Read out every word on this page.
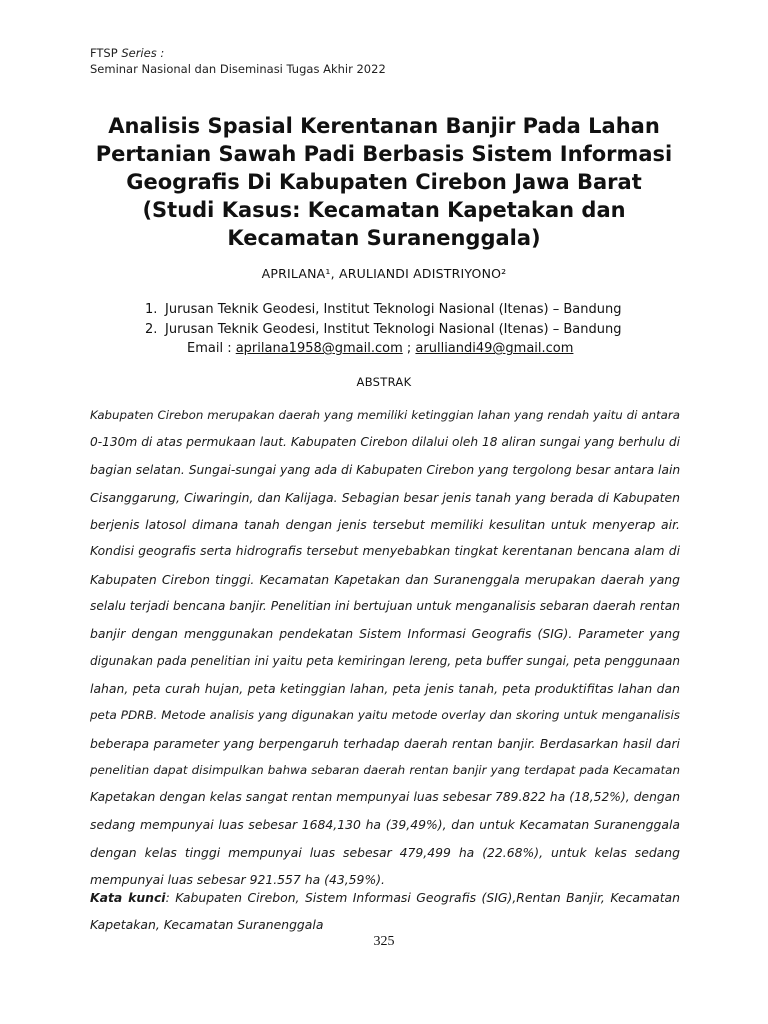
FTSP Series :
Seminar Nasional dan Diseminasi Tugas Akhir 2022
Analisis Spasial Kerentanan Banjir Pada Lahan
Pertanian Sawah Padi Berbasis Sistem Informasi
Geografis Di Kabupaten Cirebon Jawa Barat
(Studi Kasus: Kecamatan Kapetakan dan
Kecamatan Suranenggala)
APRILANA¹, ARULIANDI ADISTRIYONO²
1. Jurusan Teknik Geodesi, Institut Teknologi Nasional (Itenas) – Bandung
2. Jurusan Teknik Geodesi, Institut Teknologi Nasional (Itenas) – Bandung
Email : aprilana1958@gmail.com ; arulliandi49@gmail.com
ABSTRAK
Kabupaten Cirebon merupakan daerah yang memiliki ketinggian lahan yang rendah yaitu di antara
0-130m di atas permukaan laut. Kabupaten Cirebon dilalui oleh 18 aliran sungai yang berhulu di
bagian selatan. Sungai-sungai yang ada di Kabupaten Cirebon yang tergolong besar antara lain
Cisanggarung, Ciwaringin, dan Kalijaga. Sebagian besar jenis tanah yang berada di Kabupaten
berjenis latosol dimana tanah dengan jenis tersebut memiliki kesulitan untuk menyerap air.
Kondisi geografis serta hidrografis tersebut menyebabkan tingkat kerentanan bencana alam di
Kabupaten Cirebon tinggi. Kecamatan Kapetakan dan Suranenggala merupakan daerah yang
selalu terjadi bencana banjir. Penelitian ini bertujuan untuk menganalisis sebaran daerah rentan
banjir dengan menggunakan pendekatan Sistem Informasi Geografis (SIG). Parameter yang
digunakan pada penelitian ini yaitu peta kemiringan lereng, peta buffer sungai, peta penggunaan
lahan, peta curah hujan, peta ketinggian lahan, peta jenis tanah, peta produktifitas lahan dan
peta PDRB. Metode analisis yang digunakan yaitu metode overlay dan skoring untuk menganalisis
beberapa parameter yang berpengaruh terhadap daerah rentan banjir. Berdasarkan hasil dari
penelitian dapat disimpulkan bahwa sebaran daerah rentan banjir yang terdapat pada Kecamatan
Kapetakan dengan kelas sangat rentan mempunyai luas sebesar 789.822 ha (18,52%), dengan
sedang mempunyai luas sebesar 1684,130 ha (39,49%), dan untuk Kecamatan Suranenggala
dengan kelas tinggi mempunyai luas sebesar 479,499 ha (22.68%), untuk kelas sedang
mempunyai luas sebesar 921.557 ha (43,59%).
Kata kunci: Kabupaten Cirebon, Sistem Informasi Geografis (SIG),Rentan Banjir, Kecamatan
Kapetakan, Kecamatan Suranenggala
325
